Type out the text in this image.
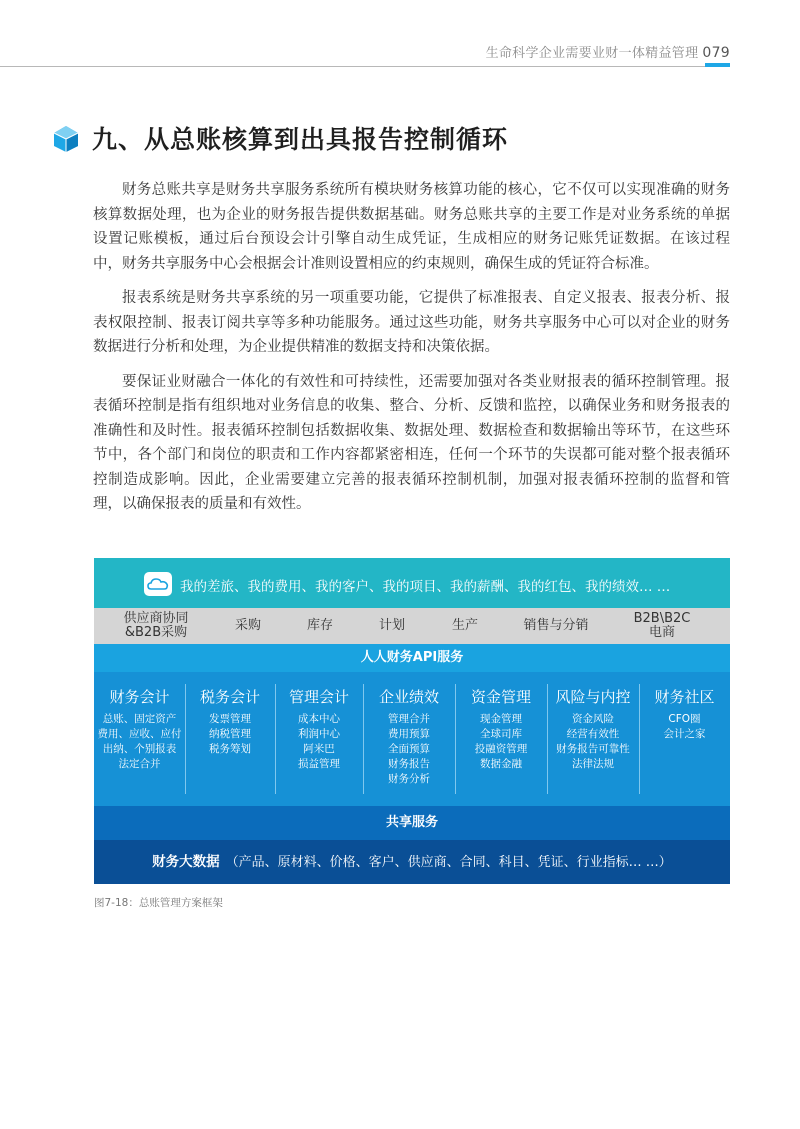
生命科学企业需要业财一体精益管理 079
九、从总账核算到出具报告控制循环

财务总账共享是财务共享服务系统所有模块财务核算功能的核心，它不仅可以实现准确的财务核算数据处理，也为企业的财务报告提供数据基础。财务总账共享的主要工作是对业务系统的单据设置记账模板，通过后台预设会计引擎自动生成凭证，生成相应的财务记账凭证数据。在该过程中，财务共享服务中心会根据会计准则设置相应的约束规则，确保生成的凭证符合标准。

报表系统是财务共享系统的另一项重要功能，它提供了标准报表、自定义报表、报表分析、报表权限控制、报表订阅共享等多种功能服务。通过这些功能，财务共享服务中心可以对企业的财务数据进行分析和处理，为企业提供精准的数据支持和决策依据。

要保证业财融合一体化的有效性和可持续性，还需要加强对各类业财报表的循环控制管理。报表循环控制是指有组织地对业务信息的收集、整合、分析、反馈和监控，以确保业务和财务报表的准确性和及时性。报表循环控制包括数据收集、数据处理、数据检查和数据输出等环节，在这些环节中，各个部门和岗位的职责和工作内容都紧密相连，任何一个环节的失误都可能对整个报表循环控制造成影响。因此，企业需要建立完善的报表循环控制机制，加强对报表循环控制的监督和管理，以确保报表的质量和有效性。

我的差旅、我的费用、我的客户、我的项目、我的薪酬、我的红包、我的绩效… …
供应商协同
&B2B采购	采购	库存	计划	生产	销售与分销	B2B\B2C
电商
人人财务API服务
财务会计
总账、固定资产
费用、应收、应付
出纳、个别报表
法定合并
税务会计
发票管理
纳税管理
税务筹划
管理会计
成本中心
利润中心
阿米巴
损益管理
企业绩效
管理合并
费用预算
全面预算
财务报告
财务分析
资金管理
现金管理
全球司库
投融资管理
数据金融
风险与内控
资金风险
经营有效性
财务报告可靠性
法律法规
财务社区
CFO圈
会计之家
共享服务
财务大数据 （产品、原材料、价格、客户、供应商、合同、科目、凭证、行业指标… …）
图7-18：总账管理方案框架
